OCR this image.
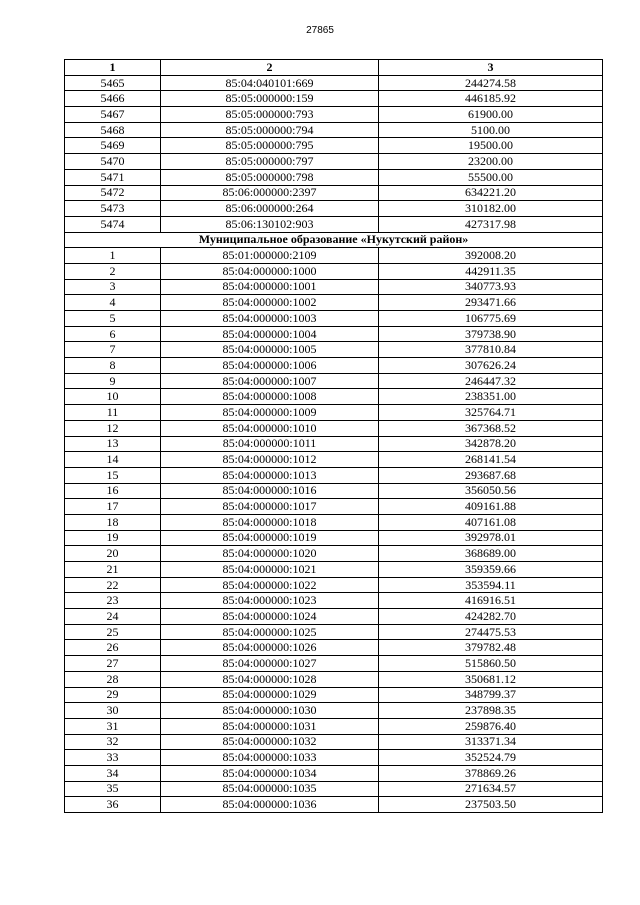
27865
1	2	3
5465	85:04:040101:669	244274.58
5466	85:05:000000:159	446185.92
5467	85:05:000000:793	61900.00
5468	85:05:000000:794	5100.00
5469	85:05:000000:795	19500.00
5470	85:05:000000:797	23200.00
5471	85:05:000000:798	55500.00
5472	85:06:000000:2397	634221.20
5473	85:06:000000:264	310182.00
5474	85:06:130102:903	427317.98
Муниципальное образование «Нукутский район»		
1	85:01:000000:2109	392008.20
2	85:04:000000:1000	442911.35
3	85:04:000000:1001	340773.93
4	85:04:000000:1002	293471.66
5	85:04:000000:1003	106775.69
6	85:04:000000:1004	379738.90
7	85:04:000000:1005	377810.84
8	85:04:000000:1006	307626.24
9	85:04:000000:1007	246447.32
10	85:04:000000:1008	238351.00
11	85:04:000000:1009	325764.71
12	85:04:000000:1010	367368.52
13	85:04:000000:1011	342878.20
14	85:04:000000:1012	268141.54
15	85:04:000000:1013	293687.68
16	85:04:000000:1016	356050.56
17	85:04:000000:1017	409161.88
18	85:04:000000:1018	407161.08
19	85:04:000000:1019	392978.01
20	85:04:000000:1020	368689.00
21	85:04:000000:1021	359359.66
22	85:04:000000:1022	353594.11
23	85:04:000000:1023	416916.51
24	85:04:000000:1024	424282.70
25	85:04:000000:1025	274475.53
26	85:04:000000:1026	379782.48
27	85:04:000000:1027	515860.50
28	85:04:000000:1028	350681.12
29	85:04:000000:1029	348799.37
30	85:04:000000:1030	237898.35
31	85:04:000000:1031	259876.40
32	85:04:000000:1032	313371.34
33	85:04:000000:1033	352524.79
34	85:04:000000:1034	378869.26
35	85:04:000000:1035	271634.57
36	85:04:000000:1036	237503.50
